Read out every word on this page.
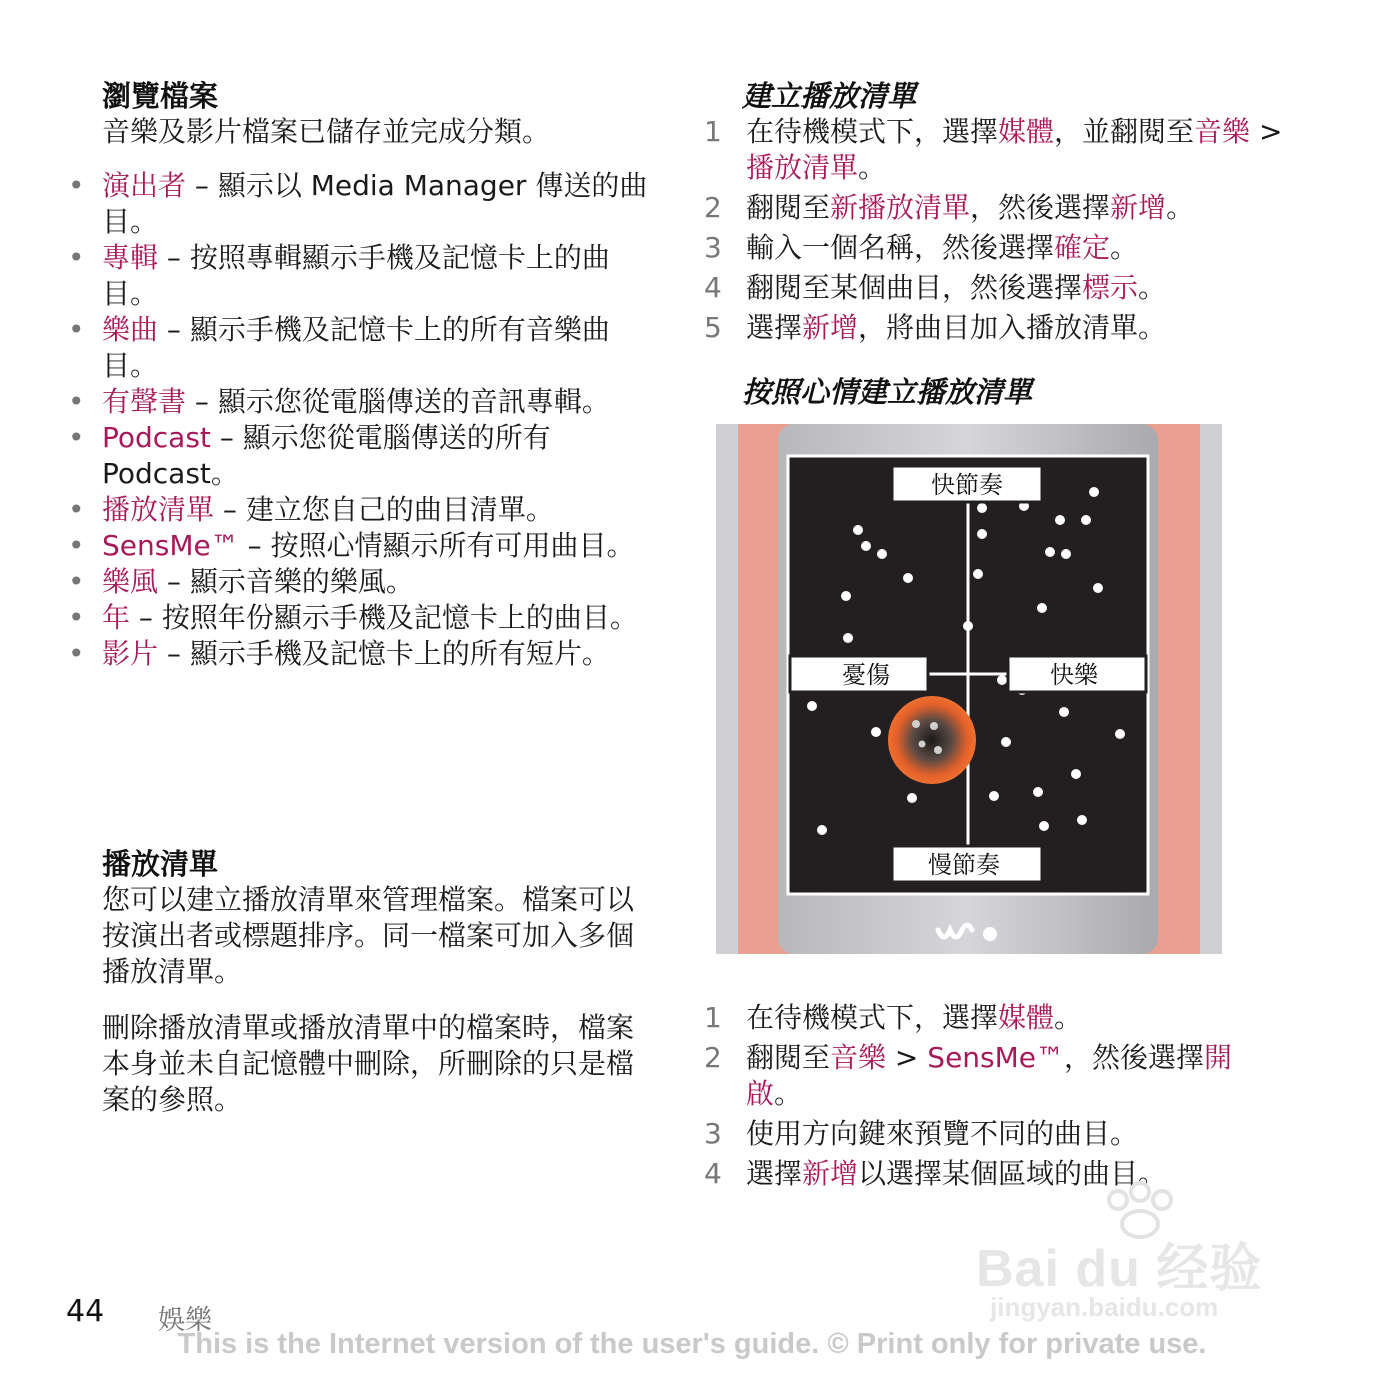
瀏覽檔案
音樂及影片檔案已儲存並完成分類。
• 演出者 – 顯示以 Media Manager 傳送的曲目。
• 專輯 – 按照專輯顯示手機及記憶卡上的曲目。
• 樂曲 – 顯示手機及記憶卡上的所有音樂曲目。
• 有聲書 – 顯示您從電腦傳送的音訊專輯。
• Podcast – 顯示您從電腦傳送的所有 Podcast。
• 播放清單 – 建立您自己的曲目清單。
• SensMe™ – 按照心情顯示所有可用曲目。
• 樂風 – 顯示音樂的樂風。
• 年 – 按照年份顯示手機及記憶卡上的曲目。
• 影片 – 顯示手機及記憶卡上的所有短片。
播放清單
您可以建立播放清單來管理檔案。檔案可以按演出者或標題排序。同一檔案可加入多個播放清單。
刪除播放清單或播放清單中的檔案時，檔案本身並未自記憶體中刪除，所刪除的只是檔案的參照。
建立播放清單
1 在待機模式下，選擇媒體，並翻閱至音樂 > 播放清單。
2 翻閱至新播放清單，然後選擇新增。
3 輸入一個名稱，然後選擇確定。
4 翻閱至某個曲目，然後選擇標示。
5 選擇新增，將曲目加入播放清單。
按照心情建立播放清單
快節奏
憂傷	快樂
慢節奏
1 在待機模式下，選擇媒體。
2 翻閱至音樂 > SensMe™，然後選擇開啟。
3 使用方向鍵來預覽不同的曲目。
4 選擇新增以選擇某個區域的曲目。
44 娛樂
Bai du 经验
jingyan.baidu.com
This is the Internet version of the user's guide. © Print only for private use.
